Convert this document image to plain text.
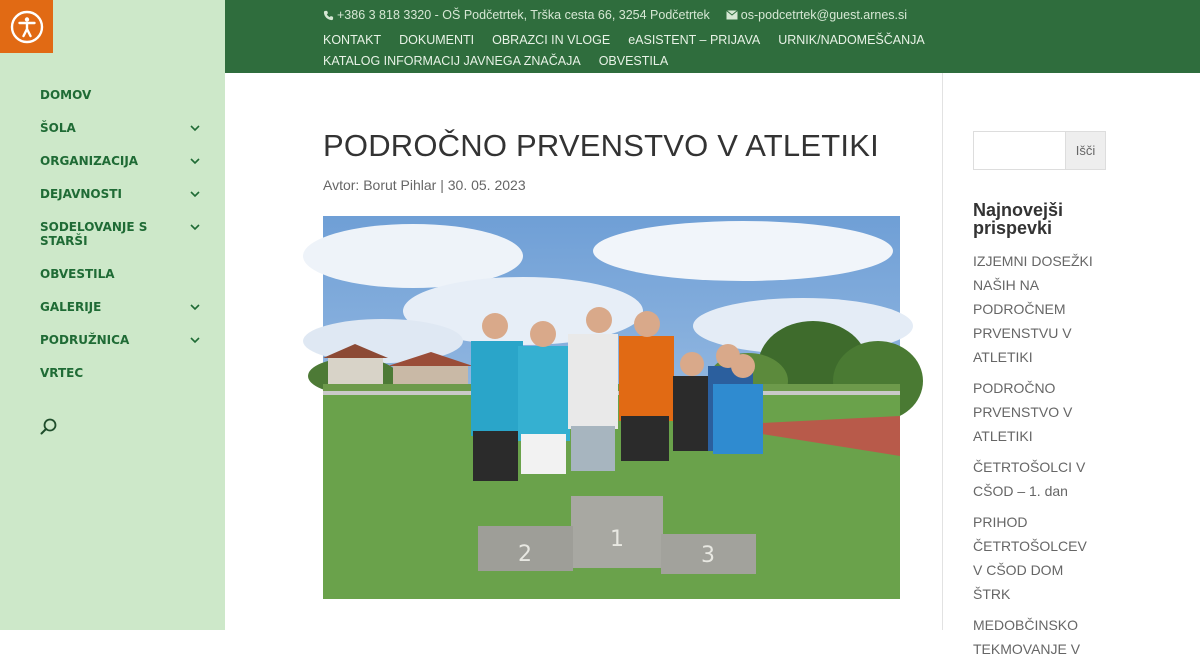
DOMOV
ŠOLA
ORGANIZACIJA
DEJAVNOSTI
SODELOVANJE S STARŠI
OBVESTILA
GALERIJE
PODRUŽNICA
VRTEC
+386 3 818 3320 - OŠ Podčetrtek, Trška cesta 66, 3254 Podčetrtek os-podcetrtek@guest.arnes.si
KONTAKT DOKUMENTI OBRAZCI IN VLOGE eASISTENT – PRIJAVA URNIK/NADOMEŠČANJA
KATALOG INFORMACIJ JAVNEGA ZNAČAJA OBVESTILA
PODROČNO PRVENSTVO V ATLETIKI
Avtor: Borut Pihlar | 30. 05. 2023
1
2	3
Išči
Najnovejši prispevki
IZJEMNI DOSEŽKI NAŠIH NA PODROČNEM PRVENSTVU V ATLETIKI
PODROČNO PRVENSTVO V ATLETIKI
ČETRTOŠOLCI V CŠOD – 1. dan
PRIHOD ČETRTOŠOLCEV V CŠOD DOM ŠTRK
MEDOBČINSKO TEKMOVANJE V
